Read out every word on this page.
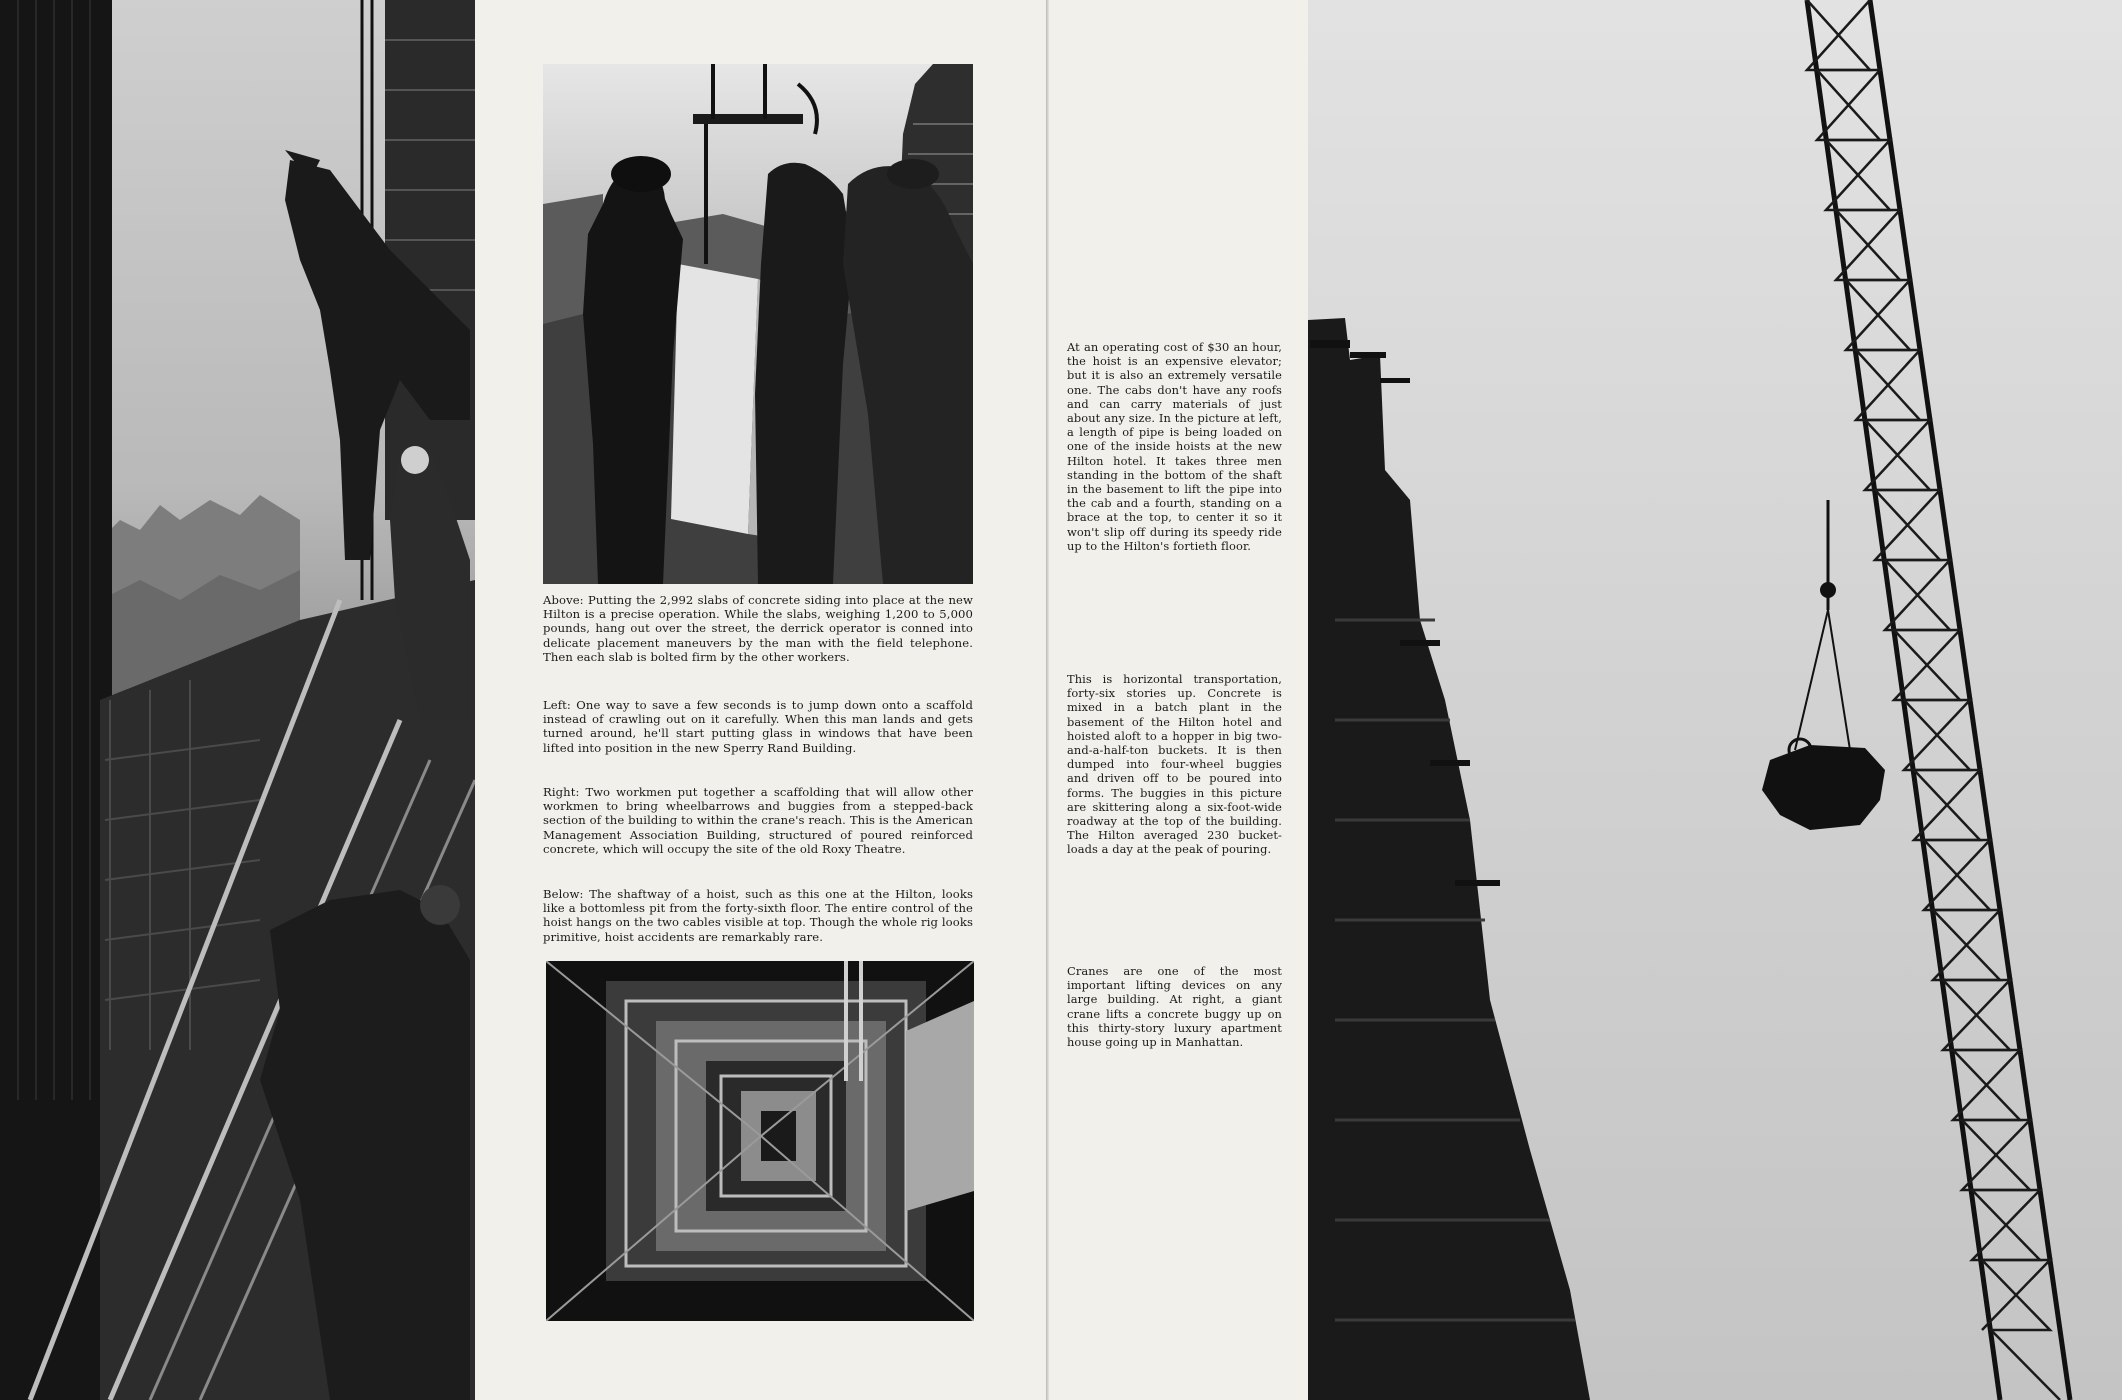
Above: Putting the 2,992 slabs of concrete siding into place at the new Hilton is a precise operation. While the slabs, weighing 1,200 to 5,000 pounds, hang out over the street, the derrick operator is conned into delicate placement maneuvers by the man with the field telephone. Then each slab is bolted firm by the other workers.

Left: One way to save a few seconds is to jump down onto a scaffold instead of crawling out on it carefully. When this man lands and gets turned around, he'll start putting glass in windows that have been lifted into position in the new Sperry Rand Building.

Right: Two workmen put together a scaffolding that will allow other workmen to bring wheelbarrows and buggies from a stepped-back section of the building to within the crane's reach. This is the American Management Association Building, structured of poured reinforced concrete, which will occupy the site of the old Roxy Theatre.

Below: The shaftway of a hoist, such as this one at the Hilton, looks like a bottomless pit from the forty-sixth floor. The entire control of the hoist hangs on the two cables visible at top. Though the whole rig looks primitive, hoist accidents are remarkably rare.

At an operating cost of $30 an hour, the hoist is an expensive elevator; but it is also an extremely versatile one. The cabs don't have any roofs and can carry materials of just about any size. In the picture at left, a length of pipe is being loaded on one of the inside hoists at the new Hilton hotel. It takes three men standing in the bottom of the shaft in the basement to lift the pipe into the cab and a fourth, standing on a brace at the top, to center it so it won't slip off during its speedy ride up to the Hilton's fortieth floor.

This is horizontal transportation, forty-six stories up. Concrete is mixed in a batch plant in the basement of the Hilton hotel and hoisted aloft to a hopper in big two-and-a-half-ton buckets. It is then dumped into four-wheel buggies and driven off to be poured into forms. The buggies in this picture are skittering along a six-foot-wide roadway at the top of the building. The Hilton averaged 230 bucket-loads a day at the peak of pouring.

Cranes are one of the most important lifting devices on any large building. At right, a giant crane lifts a concrete buggy up on this thirty-story luxury apartment house going up in Manhattan.
